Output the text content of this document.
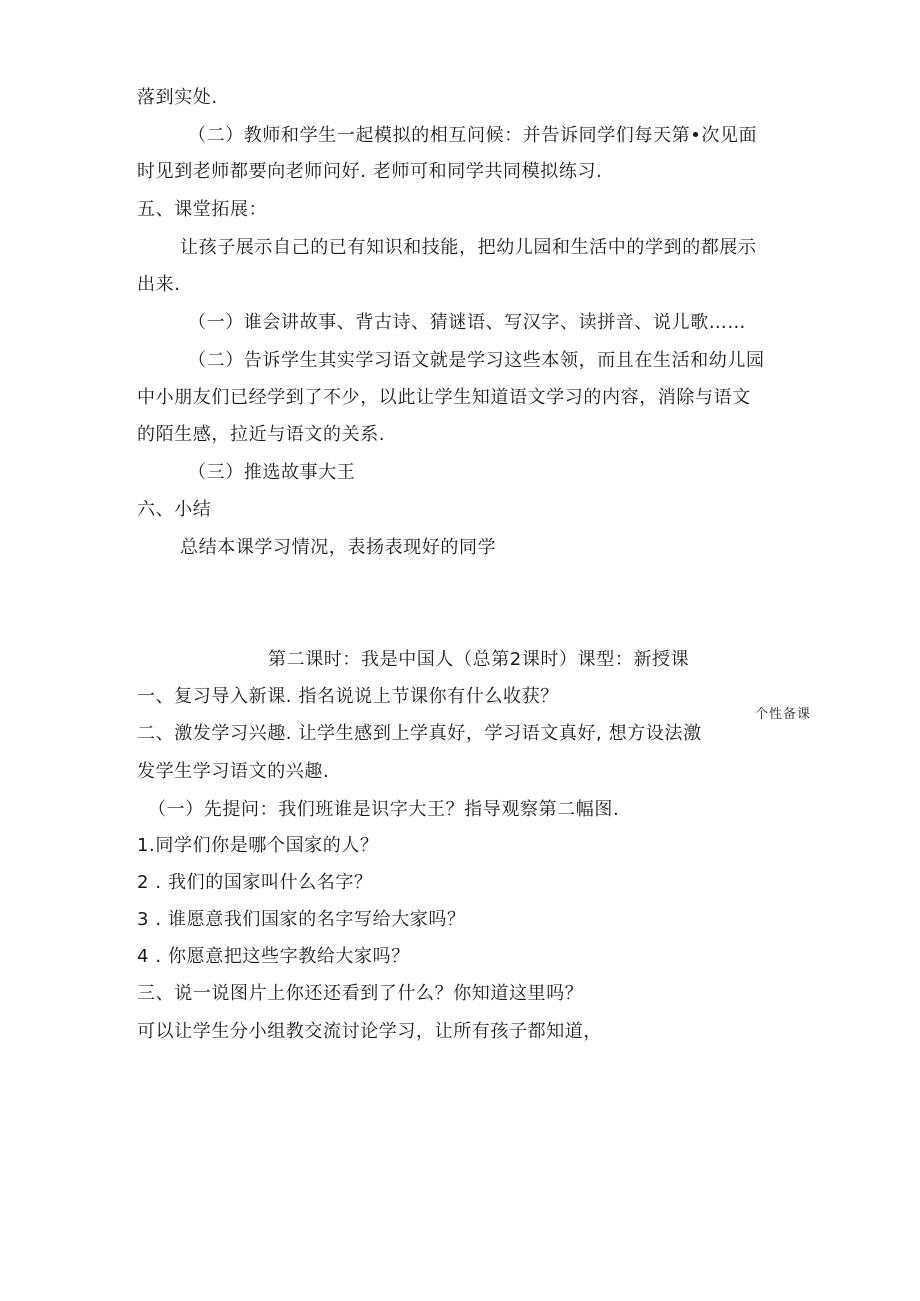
落到实处.
（二）教师和学生一起模拟的相互问候：并告诉同学们每天第•次见面
时见到老师都要向老师问好. 老师可和同学共同模拟练习.
五、课堂拓展：
让孩子展示自己的已有知识和技能，把幼儿园和生活中的学到的都展示
出来.
（一）谁会讲故事、背古诗、猜谜语、写汉字、读拼音、说儿歌……
（二）告诉学生其实学习语文就是学习这些本领，而且在生活和幼儿园
中小朋友们已经学到了不少，以此让学生知道语文学习的内容，消除与语文
的陌生感，拉近与语文的关系.
（三）推选故事大王
六、小结
总结本课学习情况，表扬表现好的同学
第二课时：我是中国人（总第2课时）课型：新授课
一、复习导入新课. 指名说说上节课你有什么收获？
二、激发学习兴趣. 让学生感到上学真好，学习语文真好, 想方设法激
发学生学习语文的兴趣.
（一）先提问：我们班谁是识字大王？指导观察第二幅图.
1.同学们你是哪个国家的人？
2 . 我们的国家叫什么名字？
3 . 谁愿意我们国家的名字写给大家吗？
4 . 你愿意把这些字教给大家吗？
三、说一说图片上你还还看到了什么？你知道这里吗？
可以让学生分小组教交流讨论学习，让所有孩子都知道，
个性备课
